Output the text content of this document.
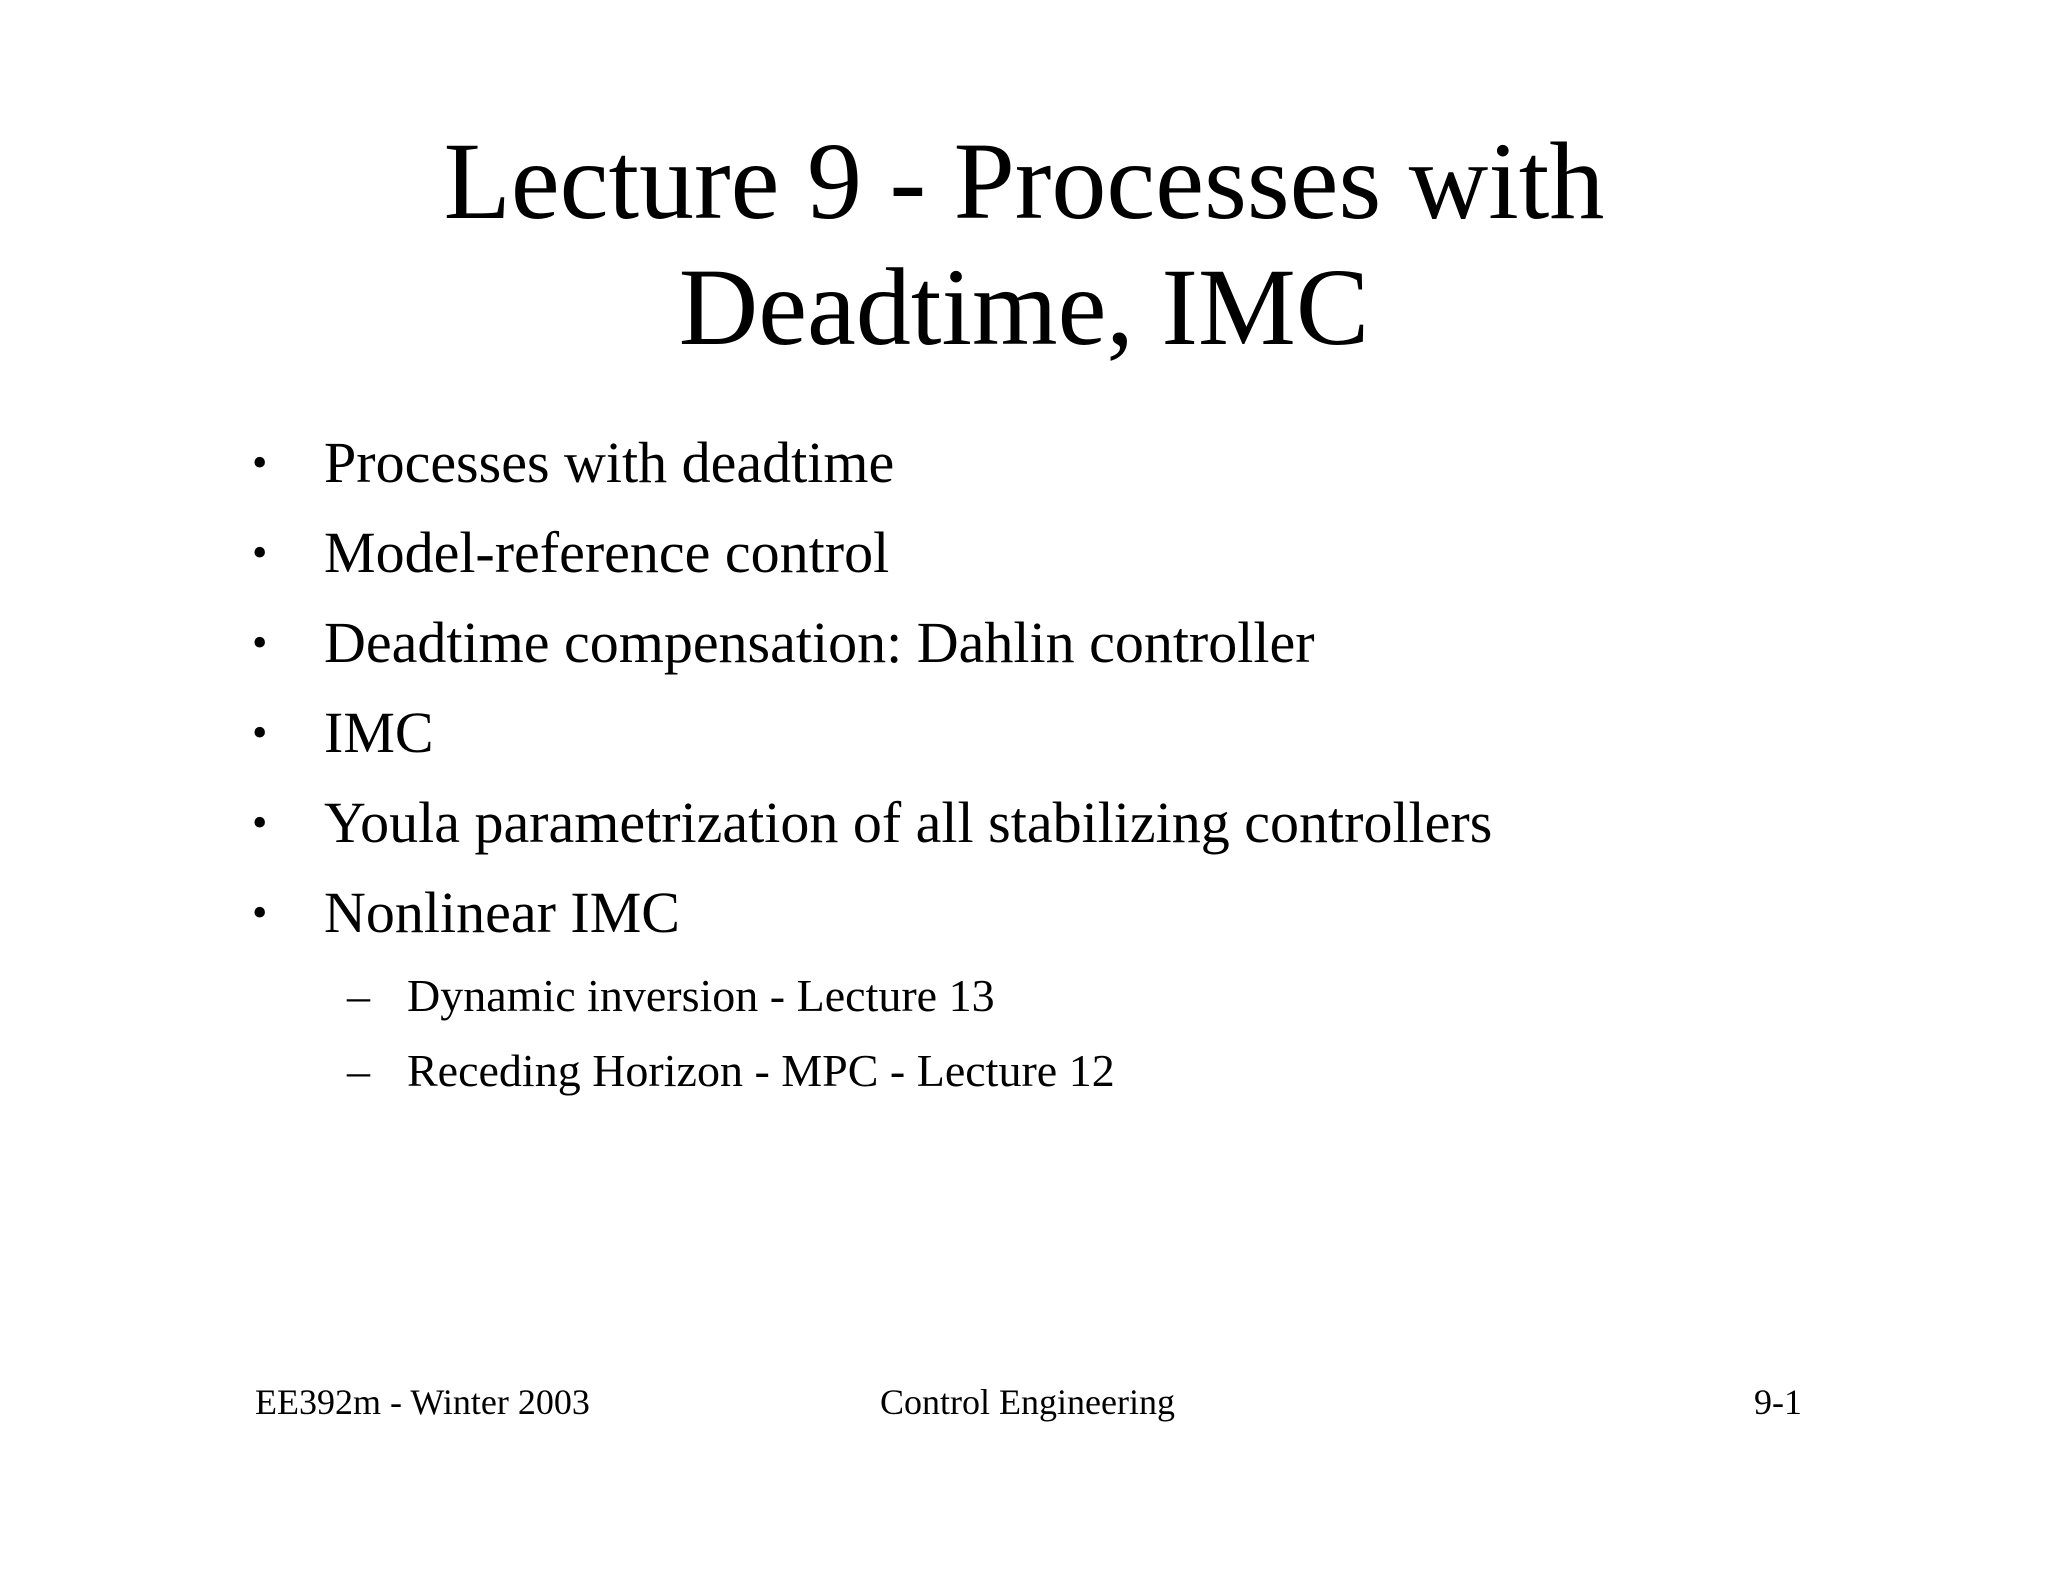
Lecture 9 - Processes with
Deadtime, IMC
• Processes with deadtime
• Model-reference control
• Deadtime compensation: Dahlin controller
• IMC
• Youla parametrization of all stabilizing controllers
• Nonlinear IMC
– Dynamic inversion - Lecture 13
– Receding Horizon - MPC - Lecture 12
EE392m - Winter 2003	Control Engineering	9-1
